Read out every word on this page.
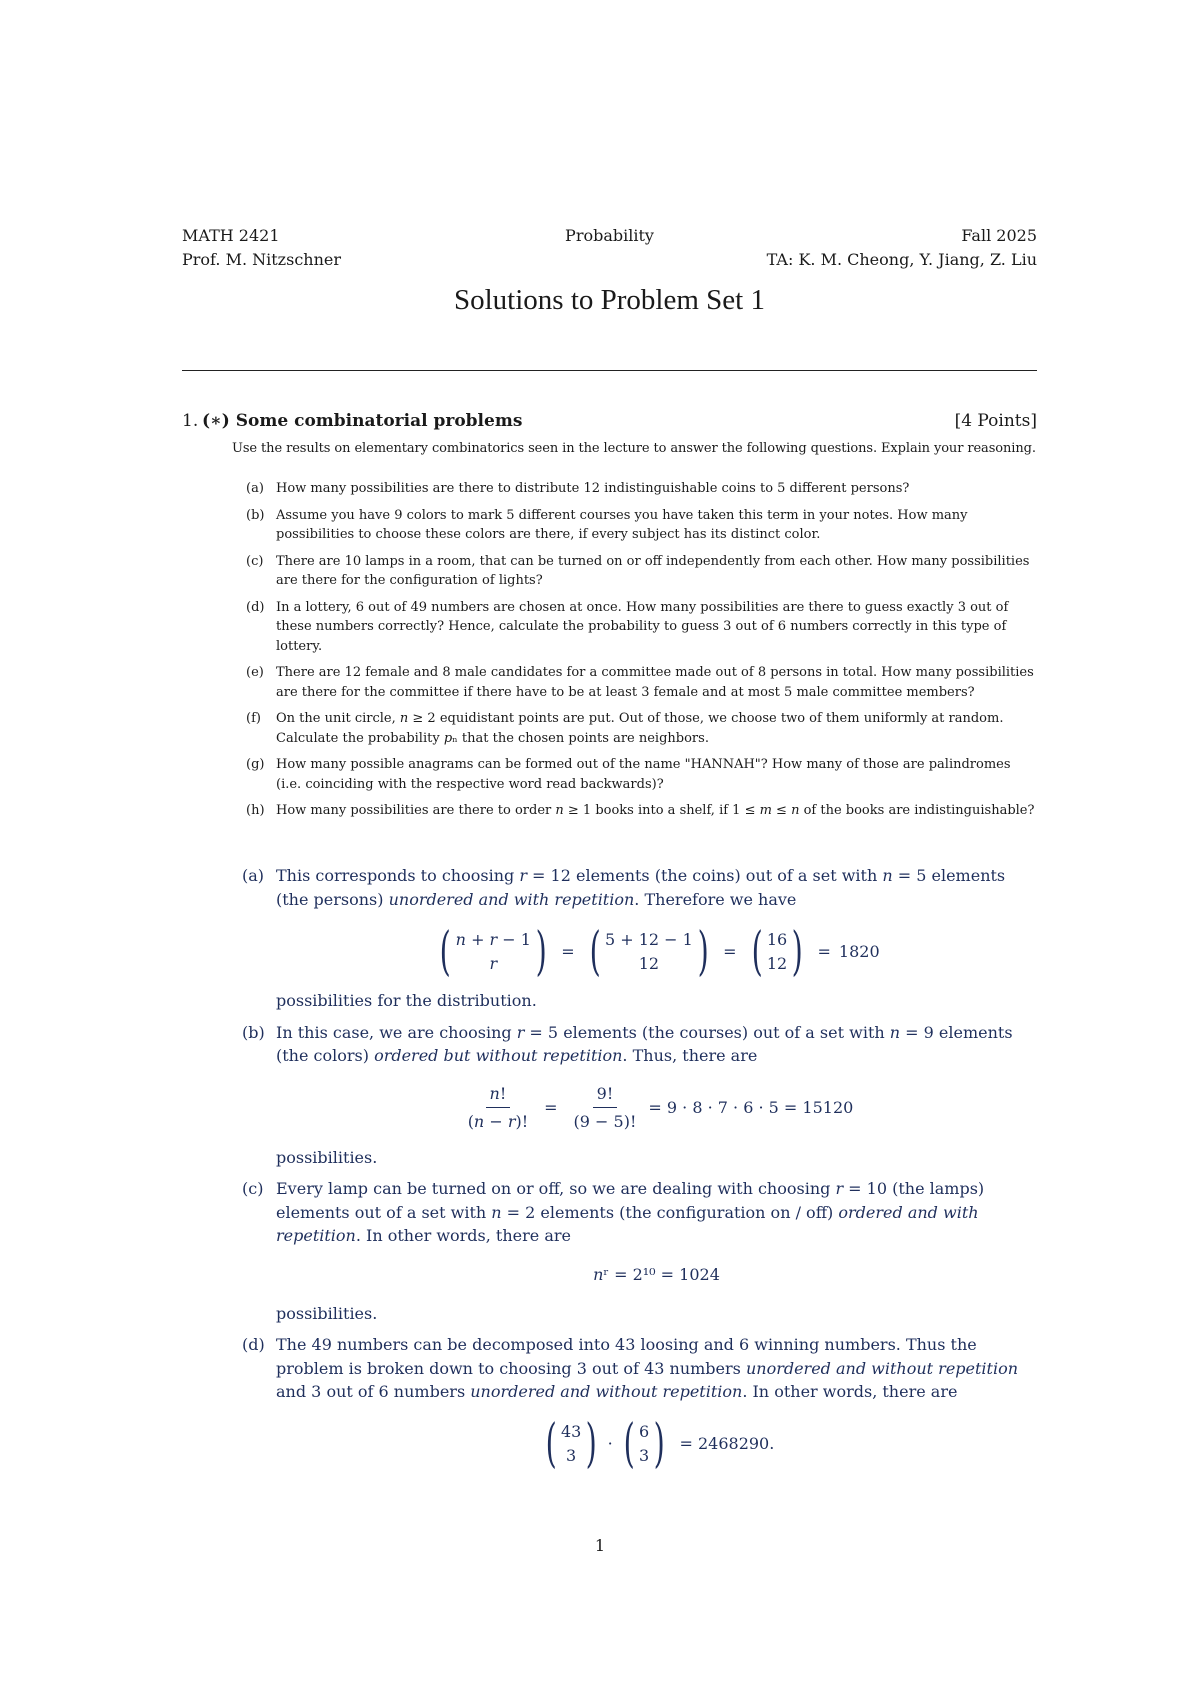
MATH 2421	Probability	Fall 2025
Prof. M. Nitzschner	TA: K. M. Cheong, Y. Jiang, Z. Liu
Solutions to Problem Set 1
1. (∗) Some combinatorial problems	[4 Points]
Use the results on elementary combinatorics seen in the lecture to answer the following questions. Explain your reasoning.
(a) How many possibilities are there to distribute 12 indistinguishable coins to 5 different persons?
(b) Assume you have 9 colors to mark 5 different courses you have taken this term in your notes. How many possibilities to choose these colors are there, if every subject has its distinct color.
(c) There are 10 lamps in a room, that can be turned on or off independently from each other. How many possibilities are there for the configuration of lights?
(d) In a lottery, 6 out of 49 numbers are chosen at once. How many possibilities are there to guess exactly 3 out of these numbers correctly? Hence, calculate the probability to guess 3 out of 6 numbers correctly in this type of lottery.
(e) There are 12 female and 8 male candidates for a committee made out of 8 persons in total. How many possibilities are there for the committee if there have to be at least 3 female and at most 5 male committee members?
(f) On the unit circle, 𝑛 ≥ 2 equidistant points are put. Out of those, we choose two of them uniformly at random. Calculate the probability 𝑝ₙ that the chosen points are neighbors.
(g) How many possible anagrams can be formed out of the name "HANNAH"? How many of those are palindromes (i.e. coinciding with the respective word read backwards)?
(h) How many possibilities are there to order 𝑛 ≥ 1 books into a shelf, if 1 ≤ 𝑚 ≤ 𝑛 of the books are indistinguishable?
(a) This corresponds to choosing 𝑟 = 12 elements (the coins) out of a set with 𝑛 = 5 elements (the persons) unordered and with repetition. Therefore we have
( 𝑛 + 𝑟 − 1
𝑟 ) = ( 5 + 12 − 1
12 ) = ( 16
12 ) = 1820
possibilities for the distribution.
(b) In this case, we are choosing 𝑟 = 5 elements (the courses) out of a set with 𝑛 = 9 elements (the colors) ordered but without repetition. Thus, there are
$\frac{\text{𝑛!}}{\text{(𝑛 − 𝑟)!}} = \frac{9!}{(9 - 5)!} = 9 \cdot 8 \cdot 7 \cdot 6 \cdot 5 = 15120$
possibilities.
(c) Every lamp can be turned on or off, so we are dealing with choosing 𝑟 = 10 (the lamps) elements out of a set with 𝑛 = 2 elements (the configuration on / off) ordered and with repetition. In other words, there are
𝑛ʳ = 2¹⁰ = 1024
possibilities.
(d) The 49 numbers can be decomposed into 43 loosing and 6 winning numbers. Thus the problem is broken down to choosing 3 out of 43 numbers unordered and without repetition and 3 out of 6 numbers unordered and without repetition. In other words, there are
( 43
3 ) · ( 6
3 ) = 2468290.
1
